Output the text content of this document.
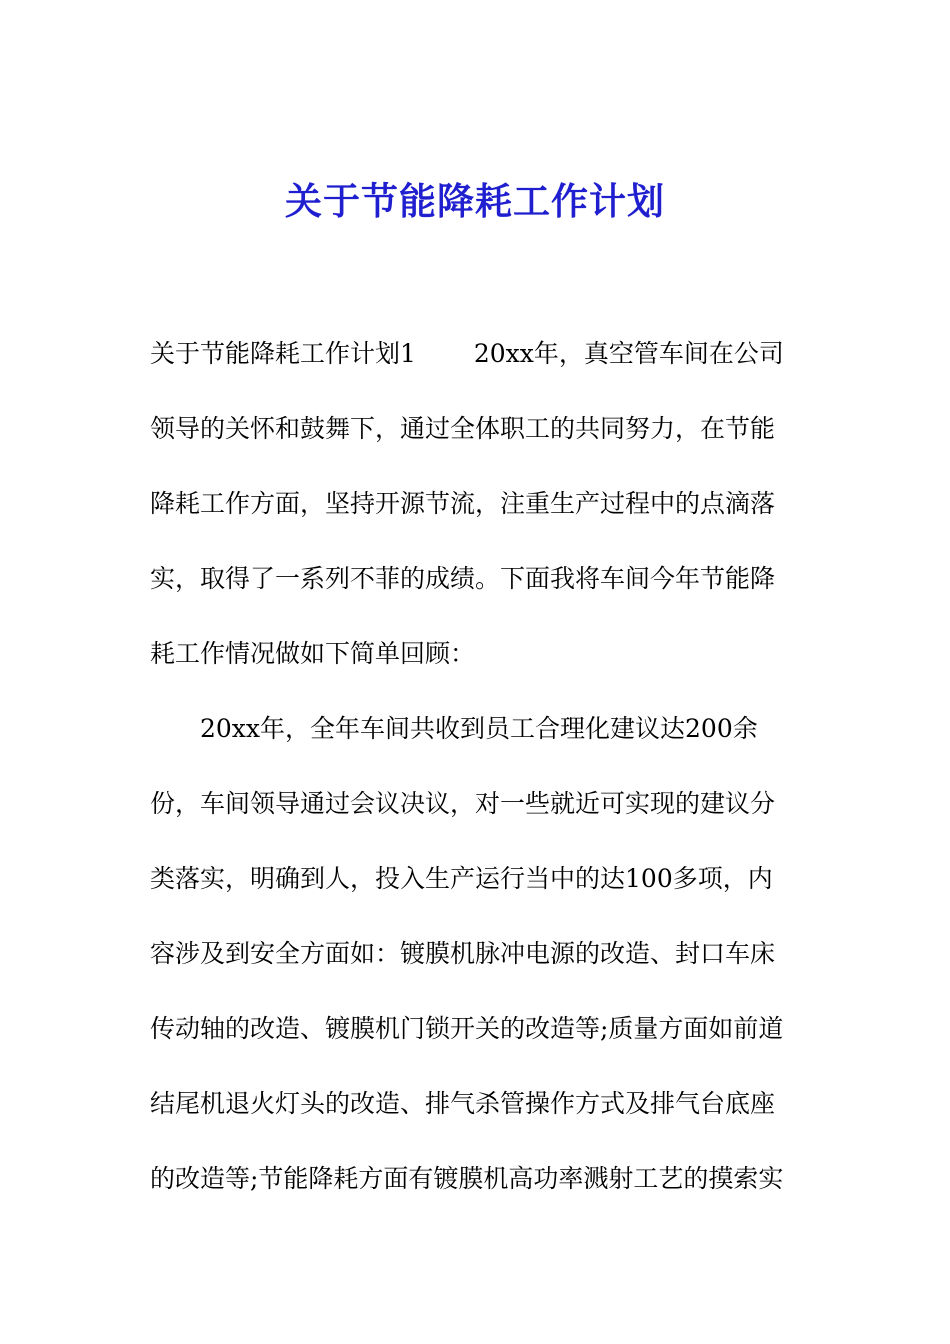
关于节能降耗工作计划
关于节能降耗工作计划1　　 20xx年，真空管车间在公司
领导的关怀和鼓舞下，通过全体职工的共同努力，在节能
降耗工作方面，坚持开源节流，注重生产过程中的点滴落
实，取得了一系列不菲的成绩。下面我将车间今年节能降
耗工作情况做如下简单回顾：
20xx年，全年车间共收到员工合理化建议达200余
份，车间领导通过会议决议，对一些就近可实现的建议分
类落实，明确到人，投入生产运行当中的达100多项，内
容涉及到安全方面如：镀膜机脉冲电源的改造、封口车床
传动轴的改造、镀膜机门锁开关的改造等;质量方面如前道
结尾机退火灯头的改造、排气杀管操作方式及排气台底座
的改造等;节能降耗方面有镀膜机高功率溅射工艺的摸索实
